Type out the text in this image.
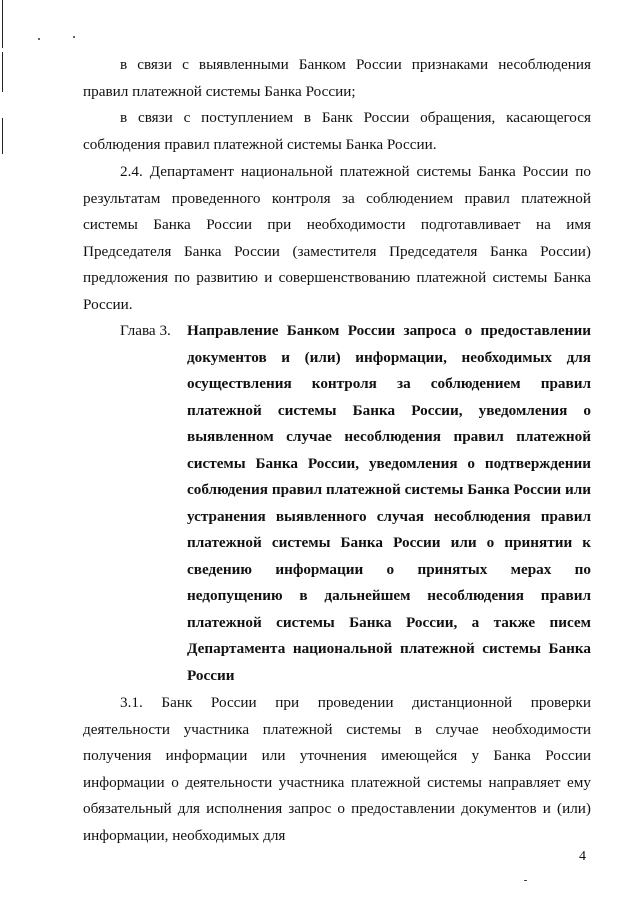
в связи с выявленными Банком России признаками несоблюдения правил платежной системы Банка России;

в связи с поступлением в Банк России обращения, касающегося соблюдения правил платежной системы Банка России.

2.4. Департамент национальной платежной системы Банка России по результатам проведенного контроля за соблюдением правил платежной системы Банка России при необходимости подготавливает на имя Председателя Банка России (заместителя Председателя Банка России) предложения по развитию и совершенствованию платежной системы Банка России.

Глава 3. Направление Банком России запроса о предоставлении документов и (или) информации, необходимых для осуществления контроля за соблюдением правил платежной системы Банка России, уведомления о выявленном случае несоблюдения правил платежной системы Банка России, уведомления о подтверждении соблюдения правил платежной системы Банка России или устранения выявленного случая несоблюдения правил платежной системы Банка России или о принятии к сведению информации о принятых мерах по недопущению в дальнейшем несоблюдения правил платежной системы Банка России, а также писем Департамента национальной платежной системы Банка России

3.1. Банк России при проведении дистанционной проверки деятельности участника платежной системы в случае необходимости получения информации или уточнения имеющейся у Банка России информации о деятельности участника платежной системы направляет ему обязательный для исполнения запрос о предоставлении документов и (или) информации, необходимых для

4
